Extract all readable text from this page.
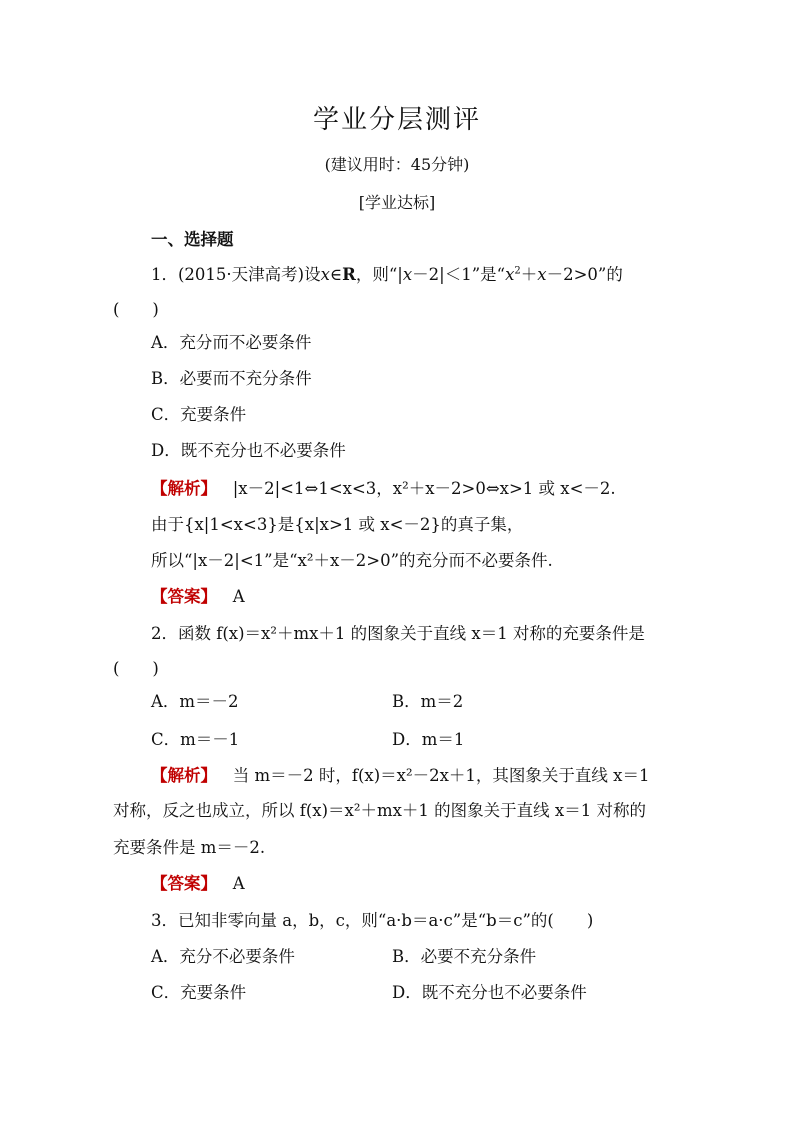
学业分层测评
(建议用时：45分钟)
[学业达标]
一、选择题
1．(2015·天津高考)设x∈R，则“|x－2|＜1”是“$x^2+x-2>0$”的
(　　)
A．充分而不必要条件
B．必要而不充分条件
C．充要条件
D．既不充分也不必要条件
【解析】 |x－2|<1⇔1<x<3，x²＋x－2>0⇔x>1 或 x<－2.
由于{x|1<x<3}是{x|x>1 或 x<－2}的真子集，
所以“|x－2|<1”是“x²＋x－2>0”的充分而不必要条件.
【答案】 A
2．函数 f(x)＝x²＋mx＋1 的图象关于直线 x＝1 对称的充要条件是
(　　)
A．m＝－2	B．m＝2
C．m＝－1	D．m＝1
【解析】 当 m＝－2 时，f(x)＝x²－2x＋1，其图象关于直线 x＝1
对称，反之也成立，所以 f(x)＝x²＋mx＋1 的图象关于直线 x＝1 对称的
充要条件是 m＝－2.
【答案】 A
3．已知非零向量 a，b，c，则“a·b＝a·c”是“b＝c”的(　　)
A．充分不必要条件	B．必要不充分条件
C．充要条件	D．既不充分也不必要条件
